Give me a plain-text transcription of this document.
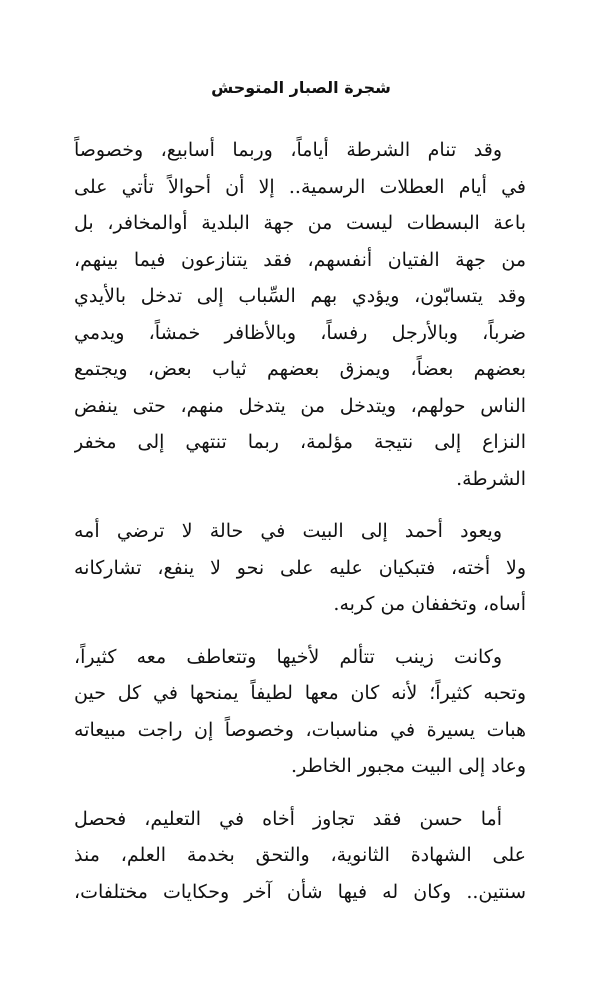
شجرة الصبار المتوحش

وقد تنام الشرطة أياماً، وربما أسابيع، وخصوصاً
في أيام العطلات الرسمية.. إلا أن أحوالاً تأتي على
باعة البسطات ليست من جهة البلدية أوالمخافر، بل
من جهة الفتيان أنفسهم، فقد يتنازعون فيما بينهم،
وقد يتسابّون، ويؤدي بهم السِّباب إلى تدخل بالأيدي
ضرباً، وبالأرجل رفساً، وبالأظافر خمشاً، ويدمي
بعضهم بعضاً، ويمزق بعضهم ثياب بعض، ويجتمع
الناس حولهم، ويتدخل من يتدخل منهم، حتى ينفض
النزاع إلى نتيجة مؤلمة، ربما تنتهي إلى مخفر
الشرطة.

ويعود أحمد إلى البيت في حالة لا ترضي أمه
ولا أخته، فتبكيان عليه على نحو لا ينفع، تشاركانه
أساه، وتخففان من كربه.

وكانت زينب تتألم لأخيها وتتعاطف معه كثيراً،
وتحبه كثيراً؛ لأنه كان معها لطيفاً يمنحها في كل حين
هبات يسيرة في مناسبات، وخصوصاً إن راجت مبيعاته
وعاد إلى البيت مجبور الخاطر.

أما حسن فقد تجاوز أخاه في التعليم، فحصل
على الشهادة الثانوية، والتحق بخدمة العلم، منذ
سنتين.. وكان له فيها شأن آخر وحكايات مختلفات،
